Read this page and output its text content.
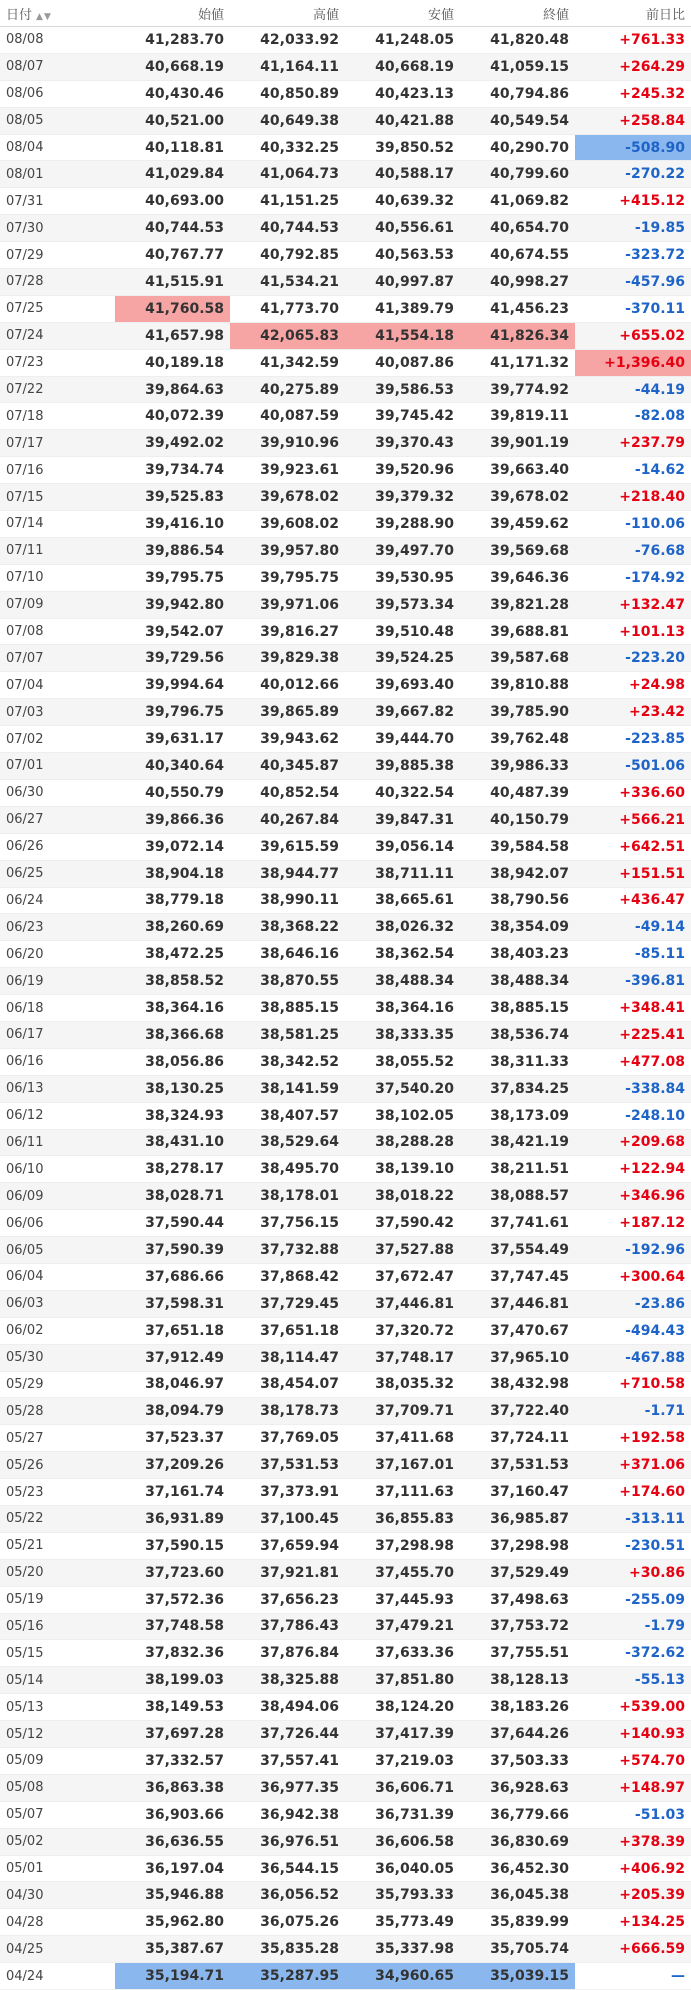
日付 ▲▼	始値	高値	安値	終値	前日比
08/08	41,283.70	42,033.92	41,248.05	41,820.48	+761.33
08/07	40,668.19	41,164.11	40,668.19	41,059.15	+264.29
08/06	40,430.46	40,850.89	40,423.13	40,794.86	+245.32
08/05	40,521.00	40,649.38	40,421.88	40,549.54	+258.84
08/04	40,118.81	40,332.25	39,850.52	40,290.70	-508.90
08/01	41,029.84	41,064.73	40,588.17	40,799.60	-270.22
07/31	40,693.00	41,151.25	40,639.32	41,069.82	+415.12
07/30	40,744.53	40,744.53	40,556.61	40,654.70	-19.85
07/29	40,767.77	40,792.85	40,563.53	40,674.55	-323.72
07/28	41,515.91	41,534.21	40,997.87	40,998.27	-457.96
07/25	41,760.58	41,773.70	41,389.79	41,456.23	-370.11
07/24	41,657.98	42,065.83	41,554.18	41,826.34	+655.02
07/23	40,189.18	41,342.59	40,087.86	41,171.32	+1,396.40
07/22	39,864.63	40,275.89	39,586.53	39,774.92	-44.19
07/18	40,072.39	40,087.59	39,745.42	39,819.11	-82.08
07/17	39,492.02	39,910.96	39,370.43	39,901.19	+237.79
07/16	39,734.74	39,923.61	39,520.96	39,663.40	-14.62
07/15	39,525.83	39,678.02	39,379.32	39,678.02	+218.40
07/14	39,416.10	39,608.02	39,288.90	39,459.62	-110.06
07/11	39,886.54	39,957.80	39,497.70	39,569.68	-76.68
07/10	39,795.75	39,795.75	39,530.95	39,646.36	-174.92
07/09	39,942.80	39,971.06	39,573.34	39,821.28	+132.47
07/08	39,542.07	39,816.27	39,510.48	39,688.81	+101.13
07/07	39,729.56	39,829.38	39,524.25	39,587.68	-223.20
07/04	39,994.64	40,012.66	39,693.40	39,810.88	+24.98
07/03	39,796.75	39,865.89	39,667.82	39,785.90	+23.42
07/02	39,631.17	39,943.62	39,444.70	39,762.48	-223.85
07/01	40,340.64	40,345.87	39,885.38	39,986.33	-501.06
06/30	40,550.79	40,852.54	40,322.54	40,487.39	+336.60
06/27	39,866.36	40,267.84	39,847.31	40,150.79	+566.21
06/26	39,072.14	39,615.59	39,056.14	39,584.58	+642.51
06/25	38,904.18	38,944.77	38,711.11	38,942.07	+151.51
06/24	38,779.18	38,990.11	38,665.61	38,790.56	+436.47
06/23	38,260.69	38,368.22	38,026.32	38,354.09	-49.14
06/20	38,472.25	38,646.16	38,362.54	38,403.23	-85.11
06/19	38,858.52	38,870.55	38,488.34	38,488.34	-396.81
06/18	38,364.16	38,885.15	38,364.16	38,885.15	+348.41
06/17	38,366.68	38,581.25	38,333.35	38,536.74	+225.41
06/16	38,056.86	38,342.52	38,055.52	38,311.33	+477.08
06/13	38,130.25	38,141.59	37,540.20	37,834.25	-338.84
06/12	38,324.93	38,407.57	38,102.05	38,173.09	-248.10
06/11	38,431.10	38,529.64	38,288.28	38,421.19	+209.68
06/10	38,278.17	38,495.70	38,139.10	38,211.51	+122.94
06/09	38,028.71	38,178.01	38,018.22	38,088.57	+346.96
06/06	37,590.44	37,756.15	37,590.42	37,741.61	+187.12
06/05	37,590.39	37,732.88	37,527.88	37,554.49	-192.96
06/04	37,686.66	37,868.42	37,672.47	37,747.45	+300.64
06/03	37,598.31	37,729.45	37,446.81	37,446.81	-23.86
06/02	37,651.18	37,651.18	37,320.72	37,470.67	-494.43
05/30	37,912.49	38,114.47	37,748.17	37,965.10	-467.88
05/29	38,046.97	38,454.07	38,035.32	38,432.98	+710.58
05/28	38,094.79	38,178.73	37,709.71	37,722.40	-1.71
05/27	37,523.37	37,769.05	37,411.68	37,724.11	+192.58
05/26	37,209.26	37,531.53	37,167.01	37,531.53	+371.06
05/23	37,161.74	37,373.91	37,111.63	37,160.47	+174.60
05/22	36,931.89	37,100.45	36,855.83	36,985.87	-313.11
05/21	37,590.15	37,659.94	37,298.98	37,298.98	-230.51
05/20	37,723.60	37,921.81	37,455.70	37,529.49	+30.86
05/19	37,572.36	37,656.23	37,445.93	37,498.63	-255.09
05/16	37,748.58	37,786.43	37,479.21	37,753.72	-1.79
05/15	37,832.36	37,876.84	37,633.36	37,755.51	-372.62
05/14	38,199.03	38,325.88	37,851.80	38,128.13	-55.13
05/13	38,149.53	38,494.06	38,124.20	38,183.26	+539.00
05/12	37,697.28	37,726.44	37,417.39	37,644.26	+140.93
05/09	37,332.57	37,557.41	37,219.03	37,503.33	+574.70
05/08	36,863.38	36,977.35	36,606.71	36,928.63	+148.97
05/07	36,903.66	36,942.38	36,731.39	36,779.66	-51.03
05/02	36,636.55	36,976.51	36,606.58	36,830.69	+378.39
05/01	36,197.04	36,544.15	36,040.05	36,452.30	+406.92
04/30	35,946.88	36,056.52	35,793.33	36,045.38	+205.39
04/28	35,962.80	36,075.26	35,773.49	35,839.99	+134.25
04/25	35,387.67	35,835.28	35,337.98	35,705.74	+666.59
04/24	35,194.71	35,287.95	34,960.65	35,039.15	—
